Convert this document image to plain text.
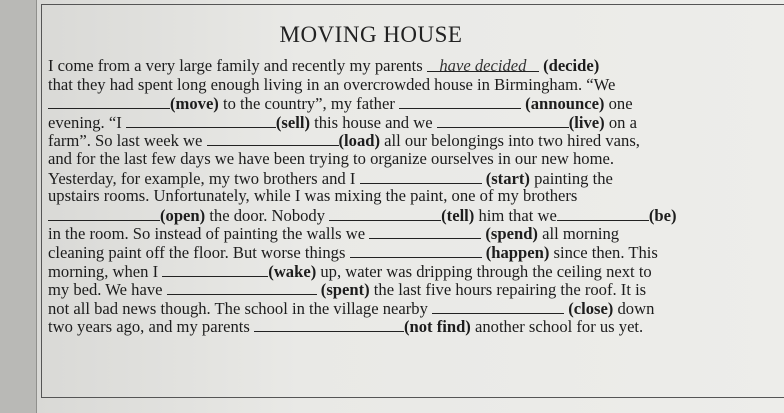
MOVING HOUSE
I come from a very large family and recently my parents have decided (decide)
that they had spent long enough living in an overcrowded house in Birmingham. “We
(move) to the country”, my father	(announce) one
evening. “I	(sell) this house and we	(live) on a
farm”. So last week we	(load) all our belongings into two hired vans,
and for the last few days we have been trying to organize ourselves in our new home.
Yesterday, for example, my two brothers and I	(start) painting the
upstairs rooms. Unfortunately, while I was mixing the paint, one of my brothers
(open) the door. Nobody	(tell) him that we	(be)
in the room. So instead of painting the walls we	(spend) all morning
cleaning paint off the floor. But worse things	(happen) since then. This
morning, when I	(wake) up, water was dripping through the ceiling next to
my bed. We have	(spent) the last five hours repairing the roof. It is
not all bad news though. The school in the village nearby	(close) down
two years ago, and my parents	(not find) another school for us yet.
